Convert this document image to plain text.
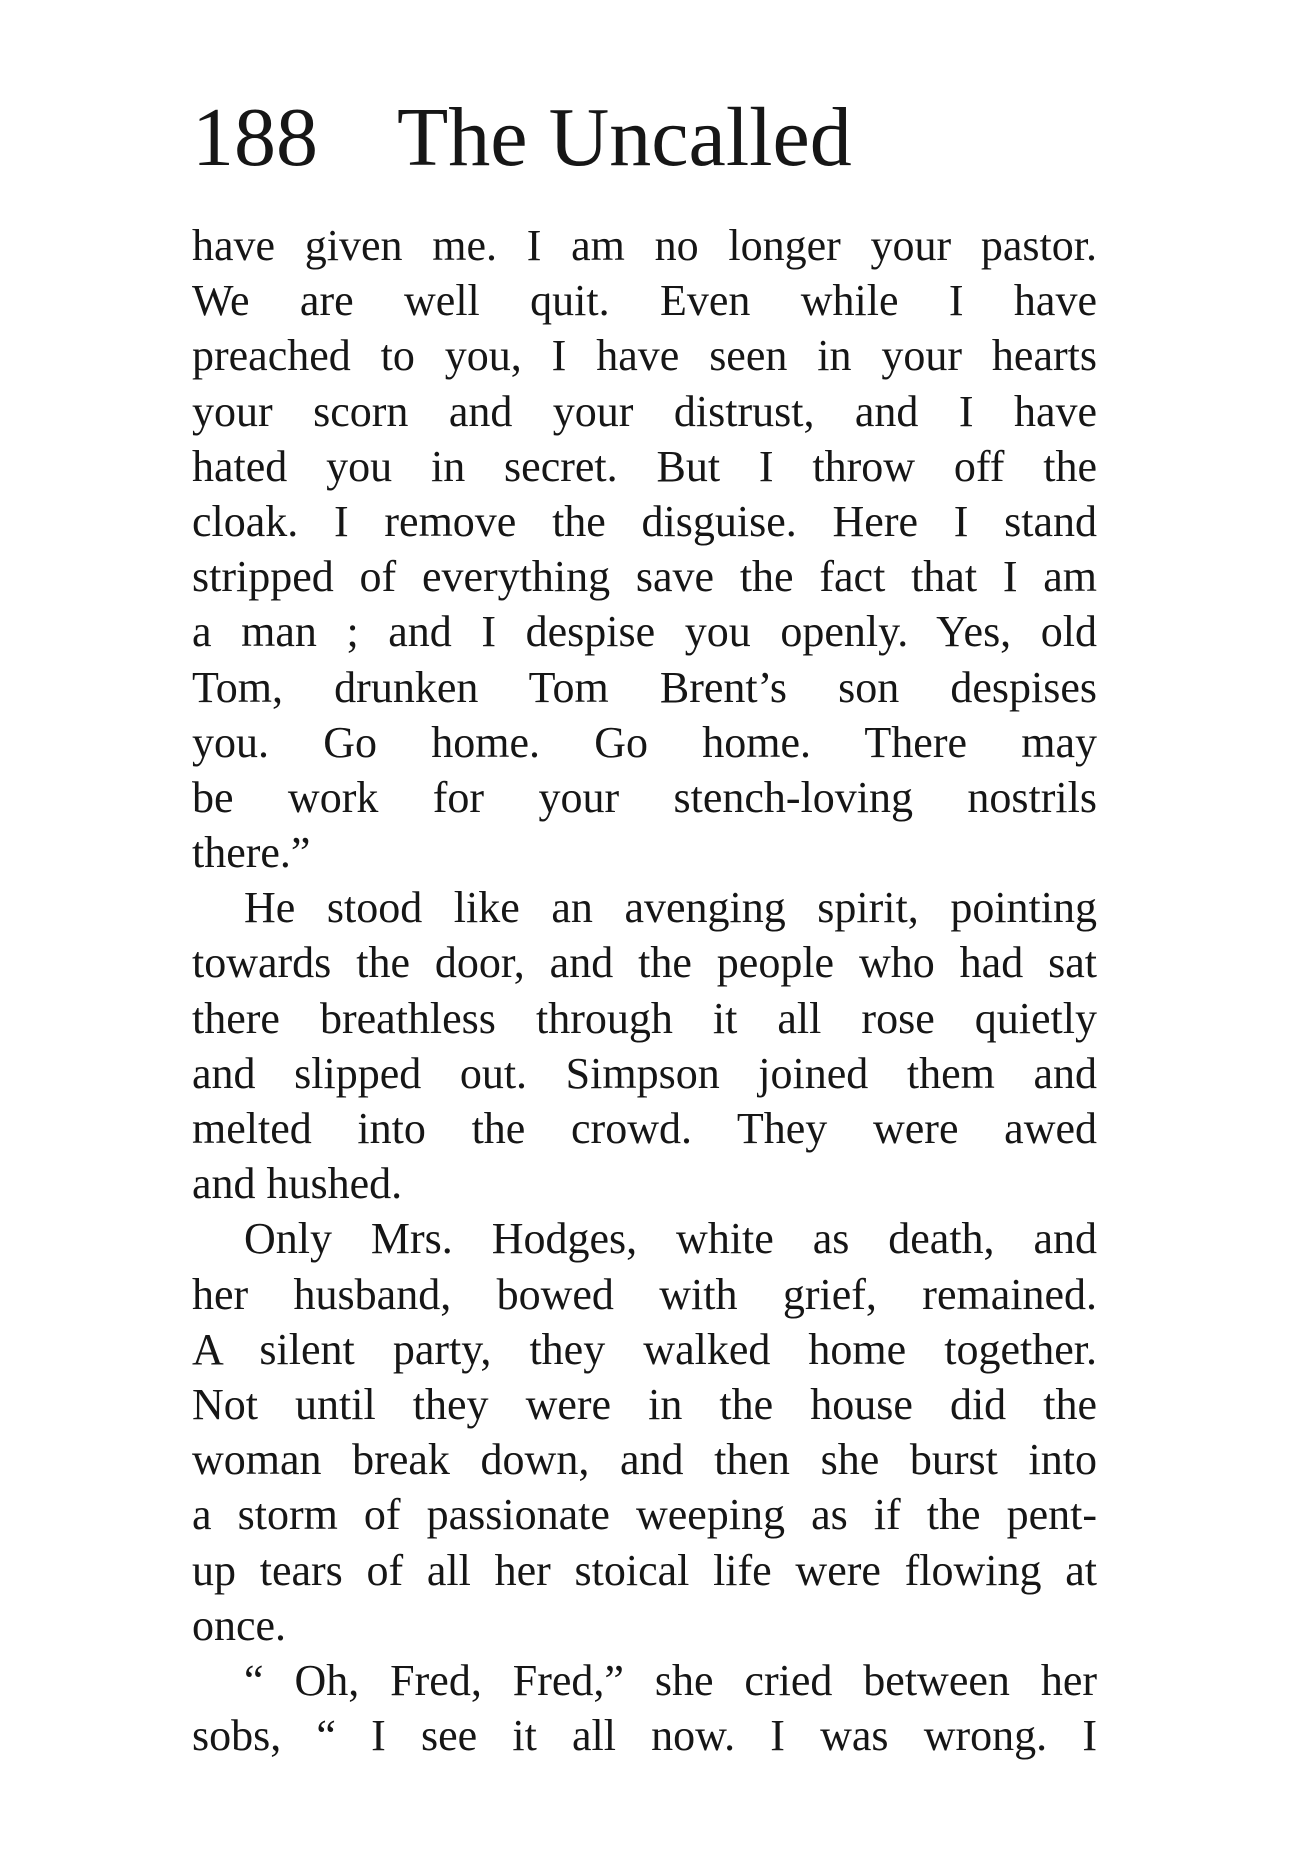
188 The Uncalled
have given me. I am no longer your pastor.
We are well quit. Even while I have
preached to you, I have seen in your hearts
your scorn and your distrust, and I have
hated you in secret. But I throw off the
cloak. I remove the disguise. Here I stand
stripped of everything save the fact that I am
a man ; and I despise you openly. Yes, old
Tom, drunken Tom Brent’s son despises
you. Go home. Go home. There may
be work for your stench-loving nostrils
there.”
He stood like an avenging spirit, pointing
towards the door, and the people who had sat
there breathless through it all rose quietly
and slipped out. Simpson joined them and
melted into the crowd. They were awed
and hushed.
Only Mrs. Hodges, white as death, and
her husband, bowed with grief, remained.
A silent party, they walked home together.
Not until they were in the house did the
woman break down, and then she burst into
a storm of passionate weeping as if the pent-
up tears of all her stoical life were flowing at
once.
“ Oh, Fred, Fred,” she cried between her
sobs, “ I see it all now. I was wrong. I
